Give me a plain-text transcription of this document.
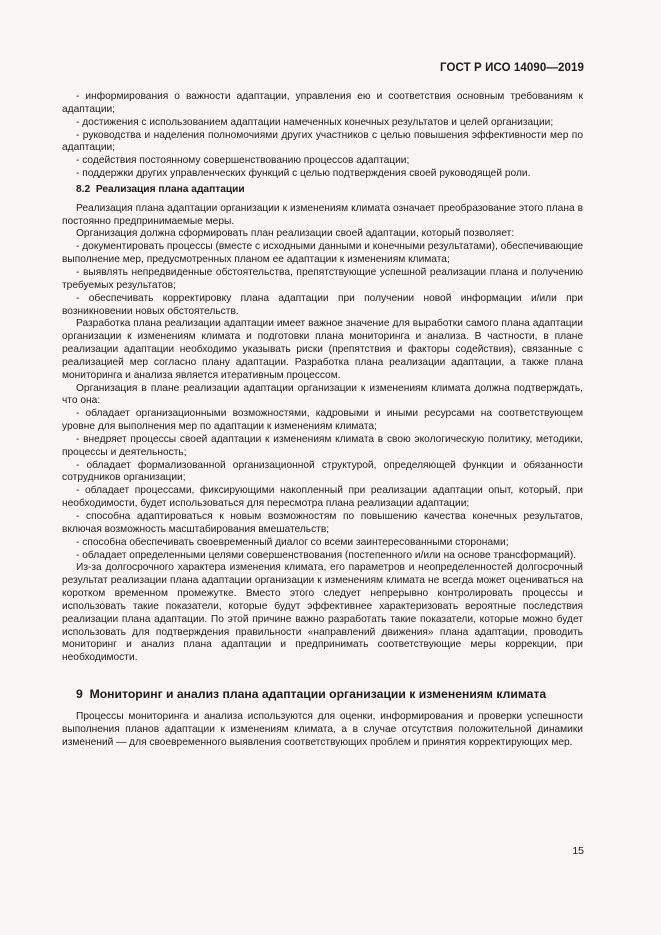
ГОСТ Р ИСО 14090—2019

- информирования о важности адаптации, управления ею и соответствия основным требованиям к адаптации;

- достижения с использованием адаптации намеченных конечных результатов и целей организации;

- руководства и наделения полномочиями других участников с целью повышения эффективности мер по адаптации;

- содействия постоянному совершенствованию процессов адаптации;

- поддержки других управленческих функций с целью подтверждения своей руководящей роли.

8.2 Реализация плана адаптации

Реализация плана адаптации организации к изменениям климата означает преобразование этого плана в постоянно предпринимаемые меры.

Организация должна сформировать план реализации своей адаптации, который позволяет:

- документировать процессы (вместе с исходными данными и конечными результатами), обеспечивающие выполнение мер, предусмотренных планом ее адаптации к изменениям климата;

- выявлять непредвиденные обстоятельства, препятствующие успешной реализации плана и получению требуемых результатов;

- обеспечивать корректировку плана адаптации при получении новой информации и/или при возникновении новых обстоятельств.

Разработка плана реализации адаптации имеет важное значение для выработки самого плана адаптации организации к изменениям климата и подготовки плана мониторинга и анализа. В частности, в плане реализации адаптации необходимо указывать риски (препятствия и факторы содействия), связанные с реализацией мер согласно плану адаптации. Разработка плана реализации адаптации, а также плана мониторинга и анализа является итеративным процессом.

Организация в плане реализации адаптации организации к изменениям климата должна подтверждать, что она:

- обладает организационными возможностями, кадровыми и иными ресурсами на соответствующем уровне для выполнения мер по адаптации к изменениям климата;

- внедряет процессы своей адаптации к изменениям климата в свою экологическую политику, методики, процессы и деятельность;

- обладает формализованной организационной структурой, определяющей функции и обязанности сотрудников организации;

- обладает процессами, фиксирующими накопленный при реализации адаптации опыт, который, при необходимости, будет использоваться для пересмотра плана реализации адаптации;

- способна адаптироваться к новым возможностям по повышению качества конечных результатов, включая возможность масштабирования вмешательств;

- способна обеспечивать своевременный диалог со всеми заинтересованными сторонами;

- обладает определенными целями совершенствования (постепенного и/или на основе трансформаций).

Из-за долгосрочного характера изменения климата, его параметров и неопределенностей долгосрочный результат реализации плана адаптации организации к изменениям климата не всегда может оцениваться на коротком временном промежутке. Вместо этого следует непрерывно контролировать процессы и использовать такие показатели, которые будут эффективнее характеризовать вероятные последствия реализации плана адаптации. По этой причине важно разработать такие показатели, которые можно будет использовать для подтверждения правильности «направлений движения» плана адаптации, проводить мониторинг и анализ плана адаптации и предпринимать соответствующие меры коррекции, при необходимости.

9 Мониторинг и анализ плана адаптации организации к изменениям климата

Процессы мониторинга и анализа используются для оценки, информирования и проверки успешности выполнения планов адаптации к изменениям климата, а в случае отсутствия положительной динамики изменений — для своевременного выявления соответствующих проблем и принятия корректирующих мер.

15
